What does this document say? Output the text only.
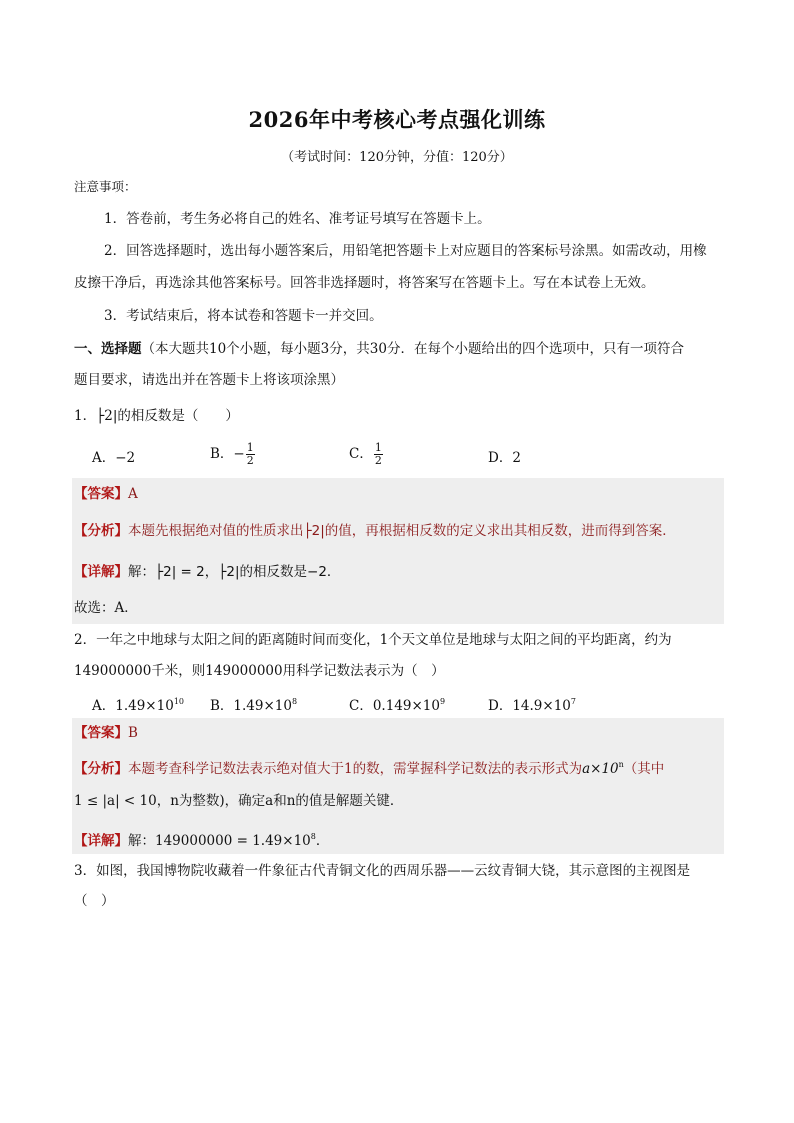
2026年中考核心考点强化训练
（考试时间：120分钟，分值：120分）
注意事项：
1．答卷前，考生务必将自己的姓名、准考证号填写在答题卡上。
2．回答选择题时，选出每小题答案后，用铅笔把答题卡上对应题目的答案标号涂黑。如需改动，用橡
皮擦干净后，再选涂其他答案标号。回答非选择题时，将答案写在答题卡上。写在本试卷上无效。
3．考试结束后，将本试卷和答题卡一并交回。
一、选择题（本大题共10个小题，每小题3分，共30分．在每个小题给出的四个选项中，只有一项符合
题目要求，请选出并在答题卡上将该项涂黑）
1．├2|的相反数是（　　）
A．−2	B．− $\frac{1}{2}$	C． $\frac{1}{2}$	D．2
【答案】A
【分析】本题先根据绝对值的性质求出├2|的值，再根据相反数的定义求出其相反数，进而得到答案．
【详解】解：├2| = 2，├2|的相反数是−2．
故选：A．
2．一年之中地球与太阳之间的距离随时间而变化，1个天文单位是地球与太阳之间的平均距离，约为
149000000千米，则149000000用科学记数法表示为（　）
A．$1.49\times 10^{10}$ B．$1.49\times 10^8$	C．$0.149\times 10^9$	D．$14.9\times 10^7$
【答案】B
【分析】本题考查科学记数法表示绝对值大于1的数，需掌握科学记数法的表示形式为$a\times 10^n$（其中
1 ≤ |a| < 10，n为整数)，确定a和n的值是解题关键．
【详解】解：$149000000 = 1.49\times 10^8$．
3．如图，我国博物院收藏着一件象征古代青铜文化的西周乐器——云纹青铜大铙，其示意图的主视图是
（　）
